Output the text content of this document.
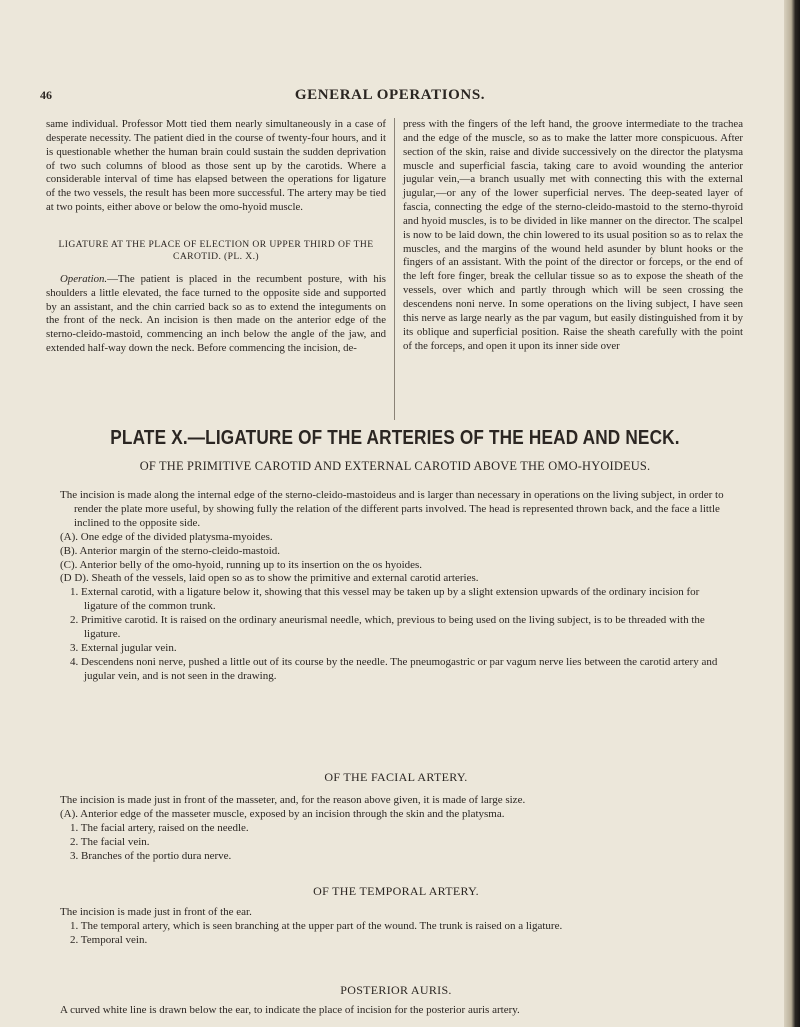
46	GENERAL OPERATIONS.

same individual. Professor Mott tied them nearly simultaneously in a case of desperate necessity. The patient died in the course of twenty-four hours, and it is questionable whether the human brain could sustain the sudden deprivation of two such columns of blood as those sent up by the carotids. Where a considerable interval of time has elapsed between the operations for ligature of the two vessels, the result has been more successful. The artery may be tied at two points, either above or below the omo-hyoid muscle.

LIGATURE AT THE PLACE OF ELECTION OR UPPER THIRD OF THE CAROTID. (PL. X.)

Operation.—The patient is placed in the recumbent posture, with his shoulders a little elevated, the face turned to the opposite side and supported by an assistant, and the chin carried back so as to extend the integuments on the front of the neck. An incision is then made on the anterior edge of the sterno-cleido-mastoid, commencing an inch below the angle of the jaw, and extended half-way down the neck. Before commencing the incision, de-

press with the fingers of the left hand, the groove intermediate to the trachea and the edge of the muscle, so as to make the latter more conspicuous. After section of the skin, raise and divide successively on the director the platysma muscle and superficial fascia, taking care to avoid wounding the anterior jugular vein,—a branch usually met with connecting this with the external jugular,—or any of the lower superficial nerves. The deep-seated layer of fascia, connecting the edge of the sterno-cleido-mastoid to the sterno-thyroid and hyoid muscles, is to be divided in like manner on the director. The scalpel is now to be laid down, the chin lowered to its usual position so as to relax the muscles, and the margins of the wound held asunder by blunt hooks or the fingers of an assistant. With the point of the director or forceps, or the end of the left fore finger, break the cellular tissue so as to expose the sheath of the vessels, over which and partly through which will be seen crossing the descendens noni nerve. In some operations on the living subject, I have seen this nerve as large nearly as the par vagum, but easily distinguished from it by its oblique and superficial position. Raise the sheath carefully with the point of the forceps, and open it upon its inner side over

PLATE X.—LIGATURE OF THE ARTERIES OF THE HEAD AND NECK.
OF THE PRIMITIVE CAROTID AND EXTERNAL CAROTID ABOVE THE OMO-HYOIDEUS.

The incision is made along the internal edge of the sterno-cleido-mastoideus and is larger than necessary in operations on the living subject, in order to render the plate more useful, by showing fully the relation of the different parts involved. The head is represented thrown back, and the face a little inclined to the opposite side.

(A). One edge of the divided platysma-myoides.

(B). Anterior margin of the sterno-cleido-mastoid.

(C). Anterior belly of the omo-hyoid, running up to its insertion on the os hyoides.

(D D). Sheath of the vessels, laid open so as to show the primitive and external carotid arteries.

1. External carotid, with a ligature below it, showing that this vessel may be taken up by a slight extension upwards of the ordinary incision for ligature of the common trunk.

2. Primitive carotid. It is raised on the ordinary aneurismal needle, which, previous to being used on the living subject, is to be threaded with the ligature.

3. External jugular vein.

4. Descendens noni nerve, pushed a little out of its course by the needle. The pneumogastric or par vagum nerve lies between the carotid artery and jugular vein, and is not seen in the drawing.

OF THE FACIAL ARTERY.

The incision is made just in front of the masseter, and, for the reason above given, it is made of large size.

(A). Anterior edge of the masseter muscle, exposed by an incision through the skin and the platysma.

1. The facial artery, raised on the needle.

2. The facial vein.

3. Branches of the portio dura nerve.

OF THE TEMPORAL ARTERY.

The incision is made just in front of the ear.

1. The temporal artery, which is seen branching at the upper part of the wound. The trunk is raised on a ligature.

2. Temporal vein.

POSTERIOR AURIS.

A curved white line is drawn below the ear, to indicate the place of incision for the posterior auris artery.
